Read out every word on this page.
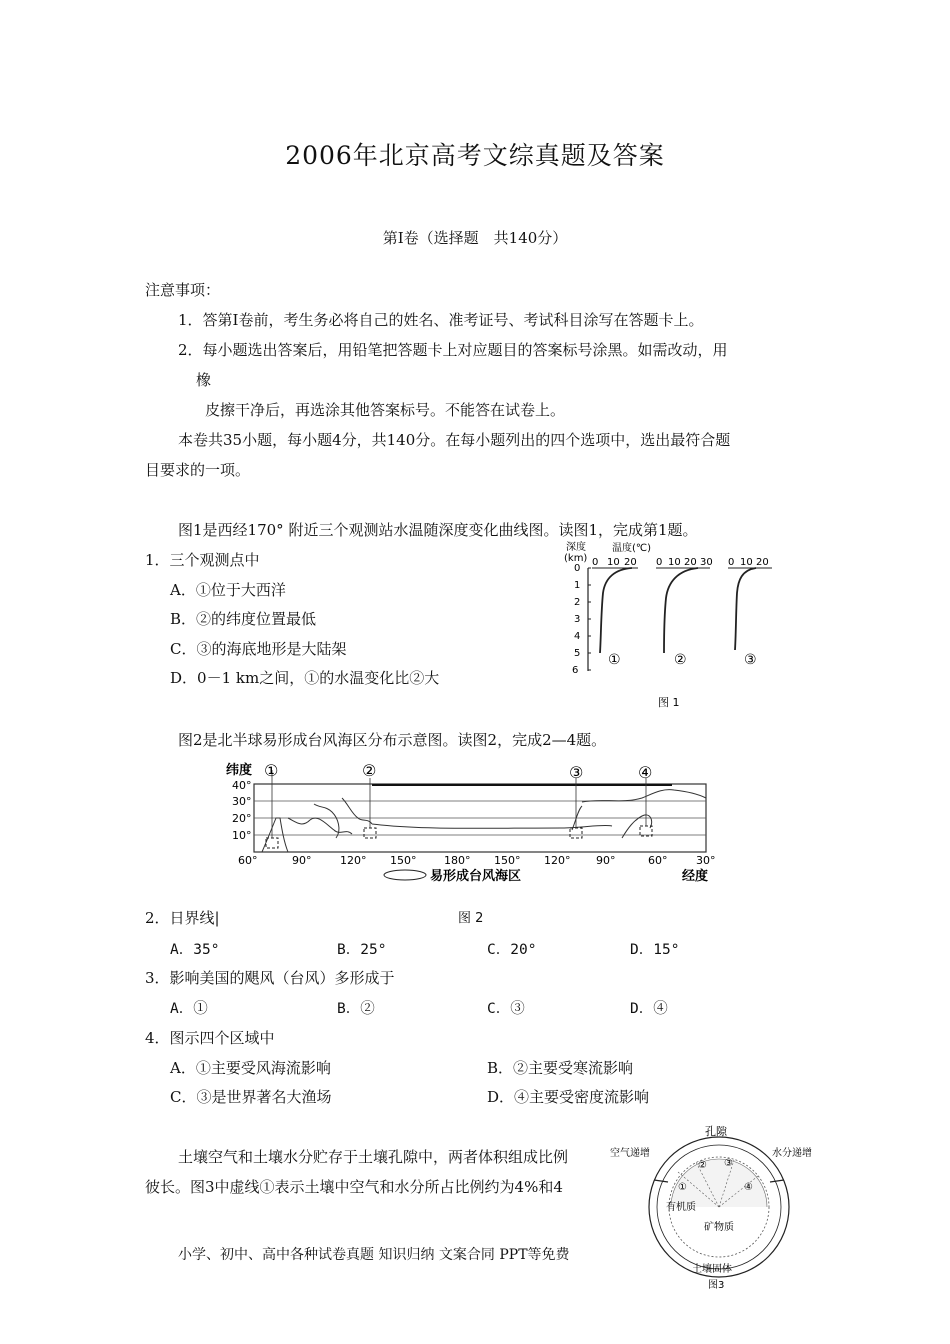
2006年北京高考文综真题及答案
第Ⅰ卷（选择题　共140分）
注意事项：
1．答第Ⅰ卷前，考生务必将自己的姓名、准考证号、考试科目涂写在答题卡上。
2．每小题选出答案后，用铅笔把答题卡上对应题目的答案标号涂黑。如需改动，用
橡
皮擦干净后，再选涂其他答案标号。不能答在试卷上。
本卷共35小题，每小题4分，共140分。在每小题列出的四个选项中，选出最符合题
目要求的一项。
图1是西经170° 附近三个观测站水温随深度变化曲线图。读图1，完成第1题。
1．三个观测点中
A．①位于大西洋
B．②的纬度位置最低
C．③的海底地形是大陆架
D．0－1 km之间，①的水温变化比②大
深度
(km)
温度(℃)
0
1
2
3
4
5
6
0 10 20 0 10 20 30 0 10 20
①	②	③
图 1
图2是北半球易形成台风海区分布示意图。读图2，完成2—4题。
纬度
40°
30°
20°
10°
①	②	③	④
60°	90°	120° 150°	180° 150° 120° 90°	60°	30°
易形成台风海区	经度
图 2
2．日界线|
A．35°	B．25°	C．20°	D．15°
3．影响美国的飓风（台风）多形成于
A．①	B．②	C．③	D．④
4．图示四个区域中
A．①主要受风海流影响	B．②主要受寒流影响
C．③是世界著名大渔场	D．④主要受密度流影响
土壤空气和土壤水分贮存于土壤孔隙中，两者体积组成比例
彼长。图3中虚线①表示土壤中空气和水分所占比例约为4%和4
小学、初中、高中各种试卷真题 知识归纳 文案合同 PPT等免费
①
② ③
④
孔隙
空气递增	水分递增
有机质
矿物质
土壤固体
图3
